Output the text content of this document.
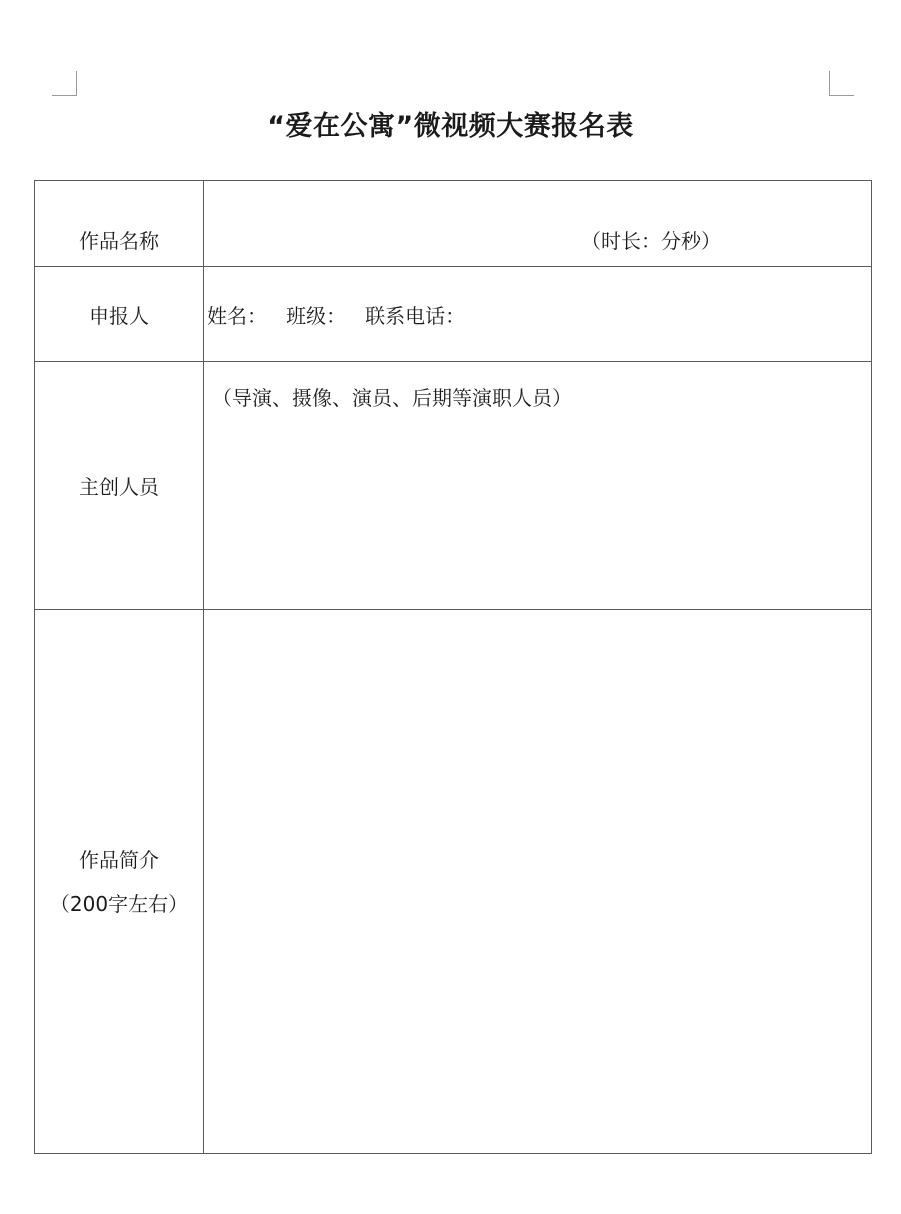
“爱在公寓”微视频大赛报名表
作品名称	（时长：分秒）

申报人	姓名： 班级： 联系电话：
主创人员	（导演、摄像、演员、后期等演职人员）

作品简介
（200字左右）	
